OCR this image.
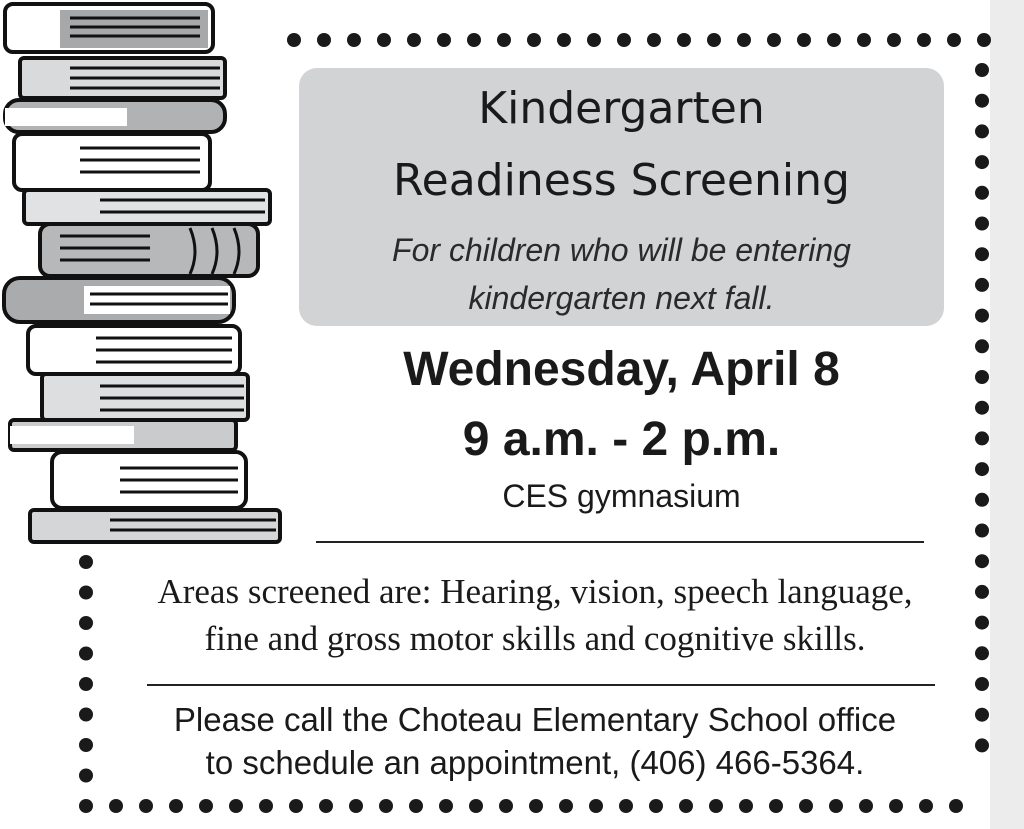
Kindergarten
Readiness Screening
For children who will be entering
kindergarten next fall.
Wednesday, April 8
9 a.m. - 2 p.m.
CES gymnasium
Areas screened are: Hearing, vision, speech language,
fine and gross motor skills and cognitive skills.
Please call the Choteau Elementary School office
to schedule an appointment, (406) 466-5364.
